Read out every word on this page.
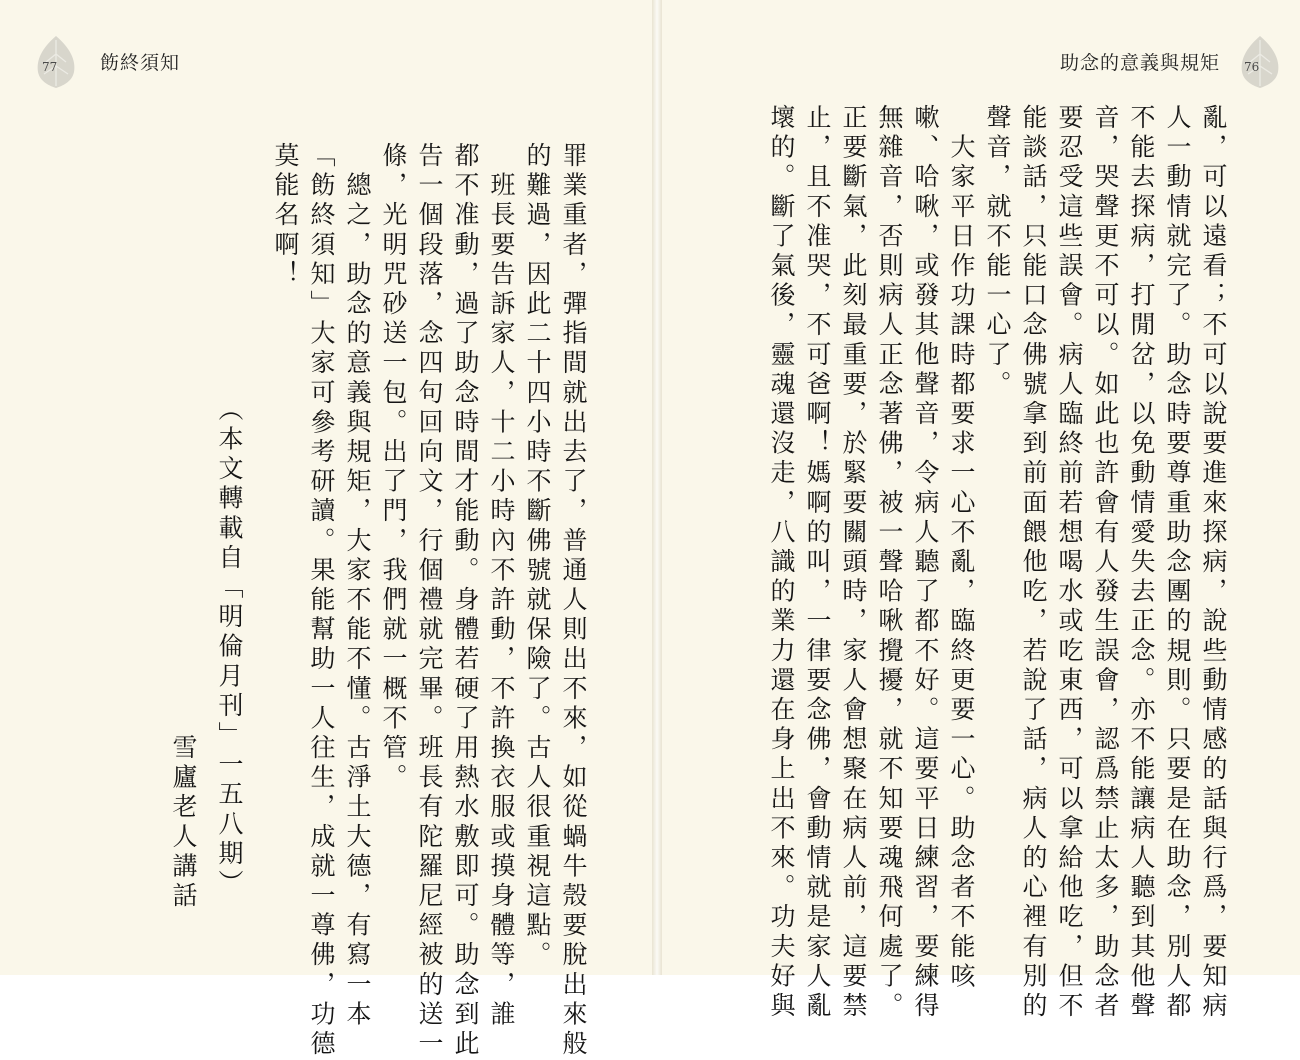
77 飭終須知
罪業重者，彈指間就出去了，普通人則出不來，如從蝸牛殼要脫出來般
的難過，因此二十四小時不斷佛號就保險了。古人很重視這點。
　班長要告訴家人，十二小時內不許動，不許換衣服或摸身體等，誰
都不准動，過了助念時間才能動。身體若硬了用熱水敷即可。助念到此
告一個段落，念四句回向文，行個禮就完畢。班長有陀羅尼經被的送一
條，光明咒砂送一包。出了門，我們就一概不管。
　總之，助念的意義與規矩，大家不能不懂。古淨土大德，有寫一本
「飭終須知」大家可參考研讀。果能幫助一人往生，成就一尊佛，功德
莫能名啊！
　　　　　　　　　（本文轉載自「明倫月刊」一五八期）
　　　　　　　　　　　　　　　　　　　　雪廬老人講話
76
助念的意義與規矩
亂，可以遠看；不可以說要進來探病，說些動情感的話與行爲，要知病
人一動情就完了。助念時要尊重助念團的規則。只要是在助念，別人都
不能去探病，打閒岔，以免動情愛失去正念。亦不能讓病人聽到其他聲
音，哭聲更不可以。如此也許會有人發生誤會，認爲禁止太多，助念者
要忍受這些誤會。病人臨終前若想喝水或吃東西，可以拿給他吃，但不
能談話，只能口念佛號拿到前面餵他吃，若說了話，病人的心裡有別的
聲音，就不能一心了。
　大家平日作功課時都要求一心不亂，臨終更要一心。助念者不能咳
嗽、哈啾，或發其他聲音，令病人聽了都不好。這要平日練習，要練得
無雜音，否則病人正念著佛，被一聲哈啾攪擾，就不知要魂飛何處了。
正要斷氣，此刻最重要，於緊要關頭時，家人會想聚在病人前，這要禁
止，且不准哭，不可爸啊！媽啊的叫，一律要念佛，會動情就是家人亂
壞的。斷了氣後，靈魂還沒走，八識的業力還在身上出不來。功夫好與
